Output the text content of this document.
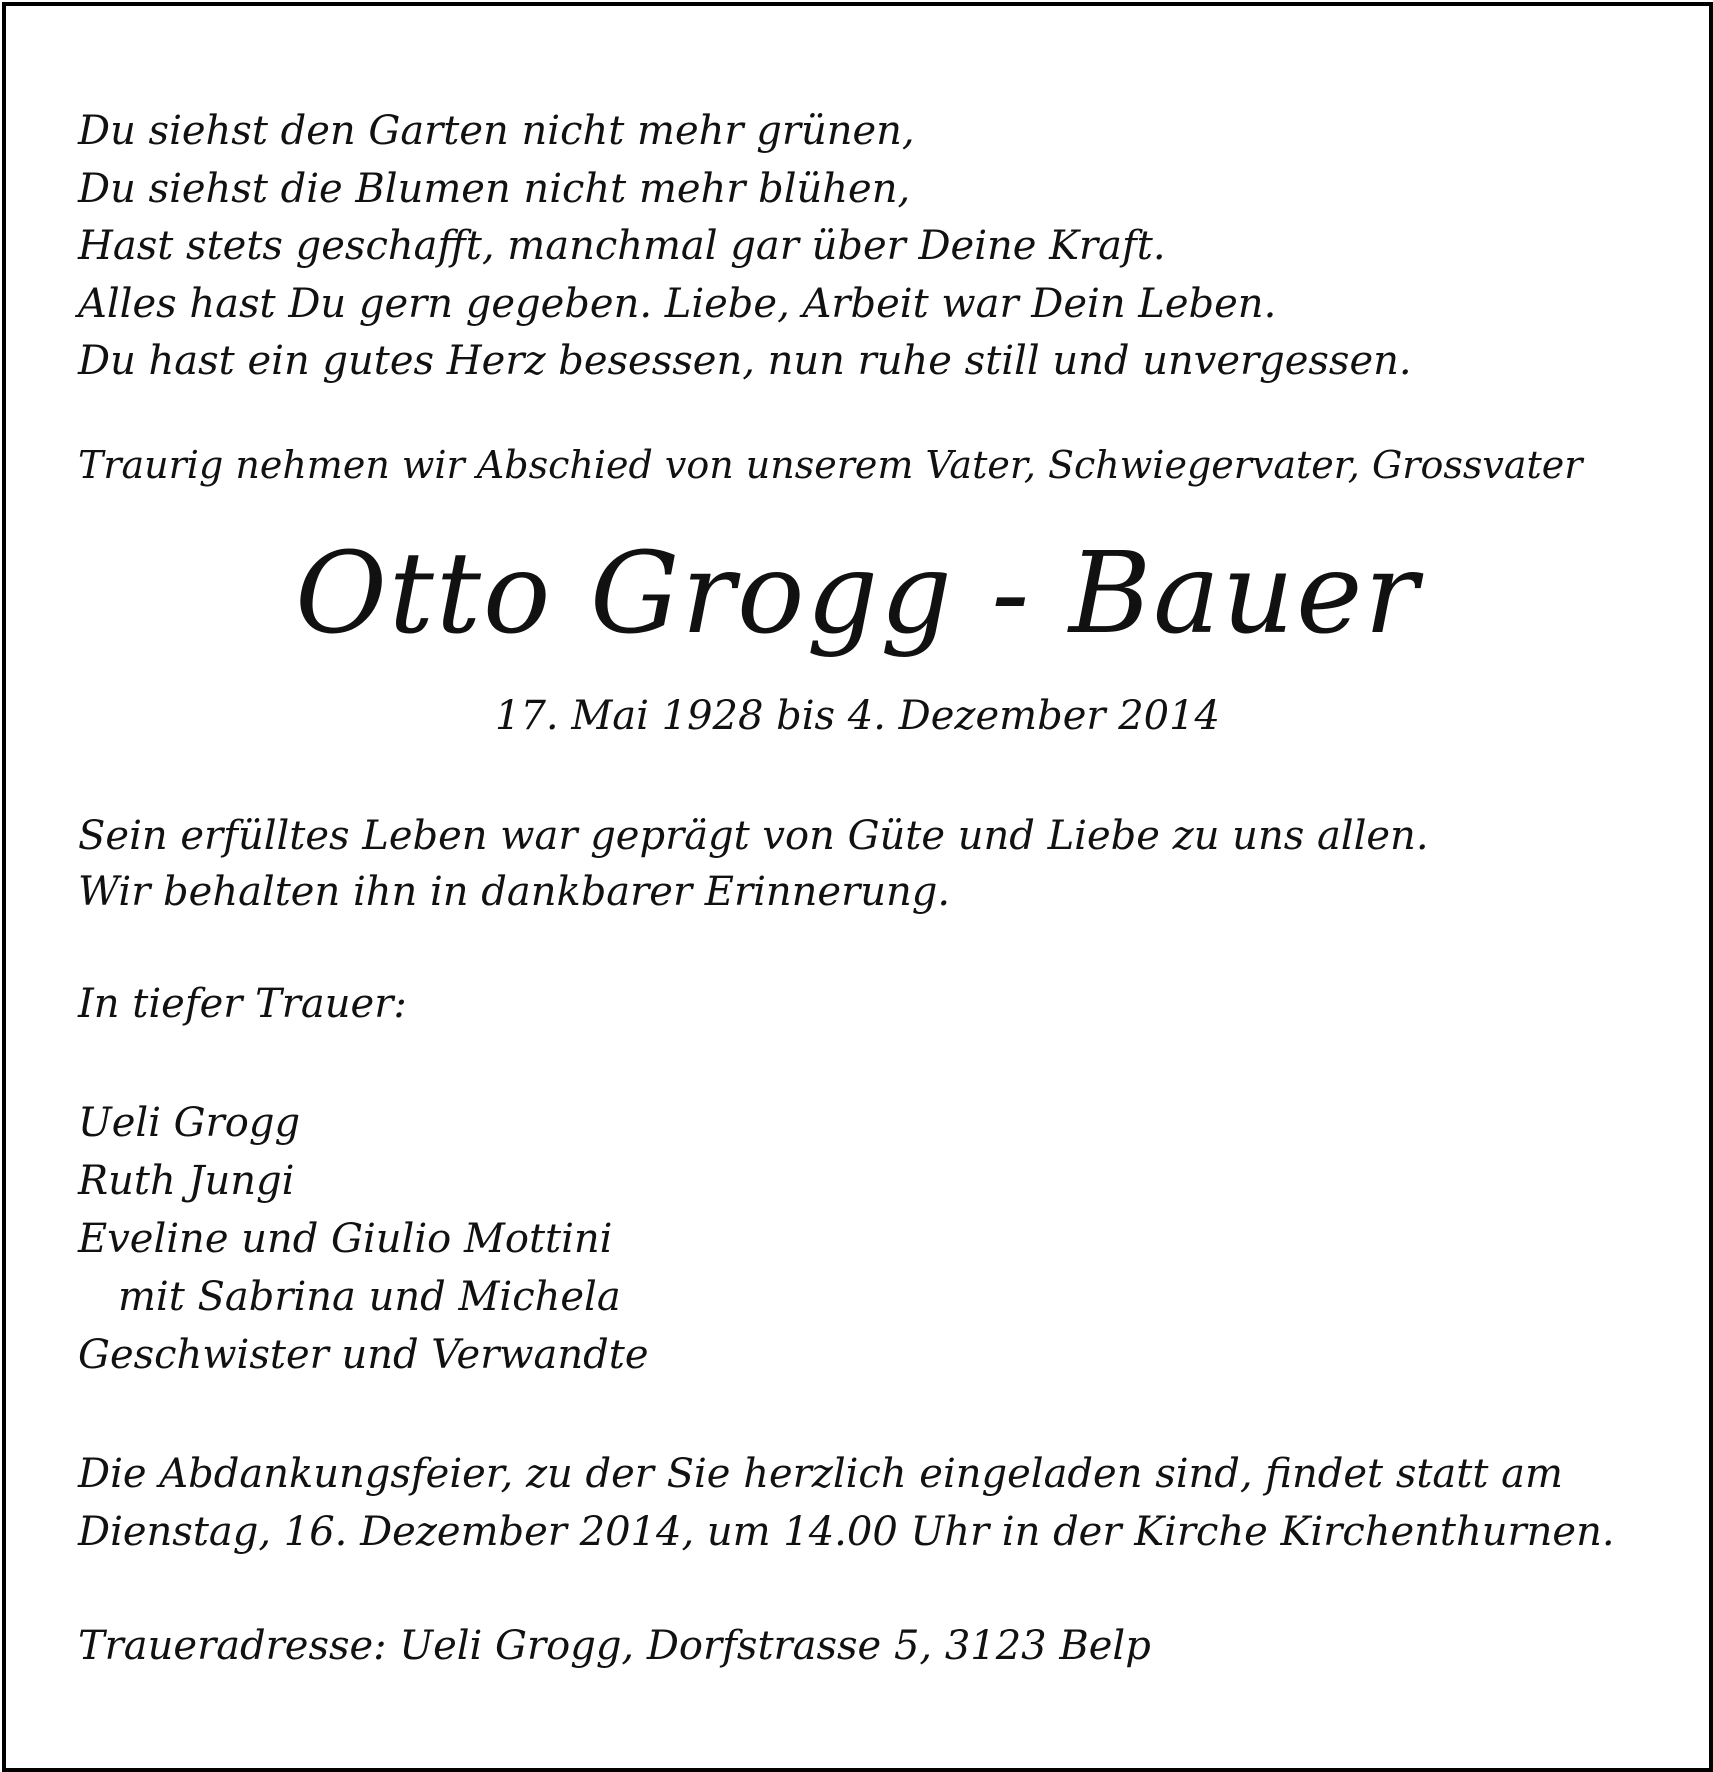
Du siehst den Garten nicht mehr grünen,

Du siehst die Blumen nicht mehr blühen,

Hast stets geschafft, manchmal gar über Deine Kraft.

Alles hast Du gern gegeben. Liebe, Arbeit war Dein Leben.

Du hast ein gutes Herz besessen, nun ruhe still und unvergessen.

Traurig nehmen wir Abschied von unserem Vater, Schwiegervater, Grossvater

Otto Grogg - Bauer

17. Mai 1928 bis 4. Dezember 2014

Sein erfülltes Leben war geprägt von Güte und Liebe zu uns allen.

Wir behalten ihn in dankbarer Erinnerung.

In tiefer Trauer:

Ueli Grogg

Ruth Jungi

Eveline und Giulio Mottini

mit Sabrina und Michela

Geschwister und Verwandte

Die Abdankungsfeier, zu der Sie herzlich eingeladen sind, findet statt am

Dienstag, 16. Dezember 2014, um 14.00 Uhr in der Kirche Kirchenthurnen.

Traueradresse: Ueli Grogg, Dorfstrasse 5, 3123 Belp
